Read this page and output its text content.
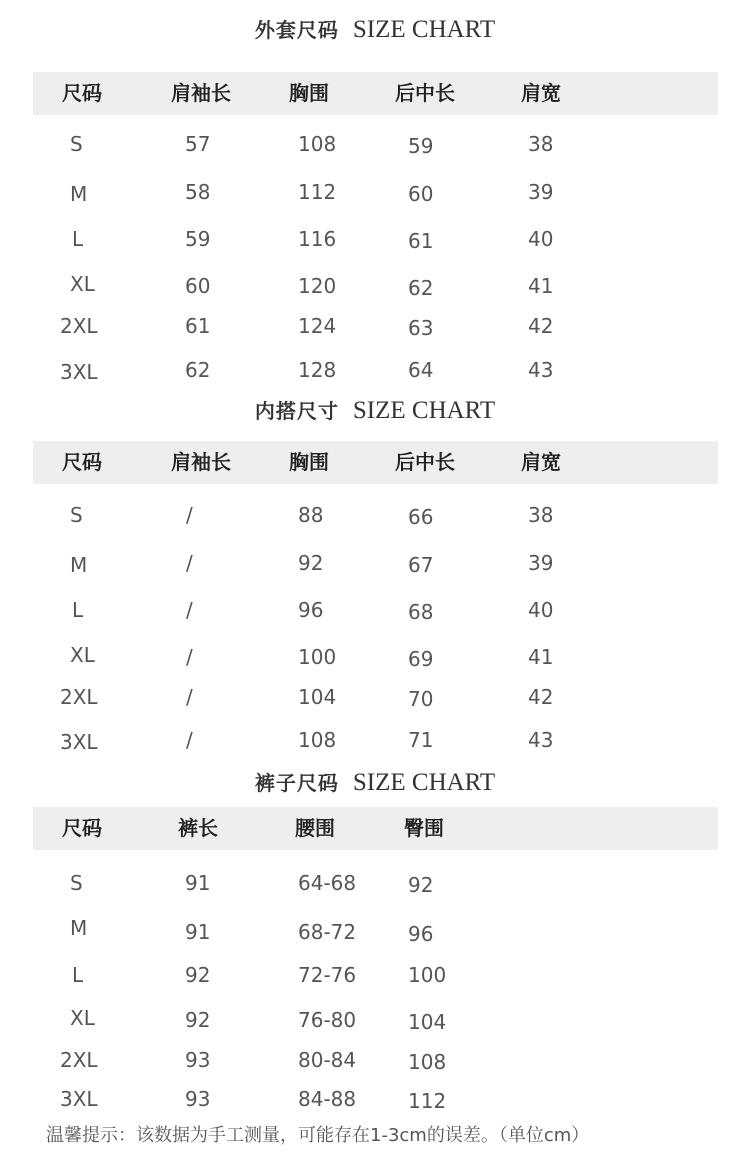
外套尺码 SIZE CHART
尺码	肩袖长	胸围	后中长	肩宽
S	57	108	59	38
M	58	112	60	39
L	59	116	61	40
XL	60	120	62	41
2XL	61	124	63	42
3XL	62	128	64	43
内搭尺寸 SIZE CHART
尺码	肩袖长	胸围	后中长	肩宽
S	/	88	66	38
M	/	92	67	39
L	/	96	68	40
XL	/	100	69	41
2XL	/	104	70	42
3XL	/	108	71	43
裤子尺码 SIZE CHART
尺码	裤长	腰围	臀围
S	91	64-68	92
M	91	68-72	96
L	92	72-76	100
XL	92	76-80	104
2XL	93	80-84	108
3XL	93	84-88	112
温馨提示：该数据为手工测量，可能存在1-3cm的误差。（单位cm）
